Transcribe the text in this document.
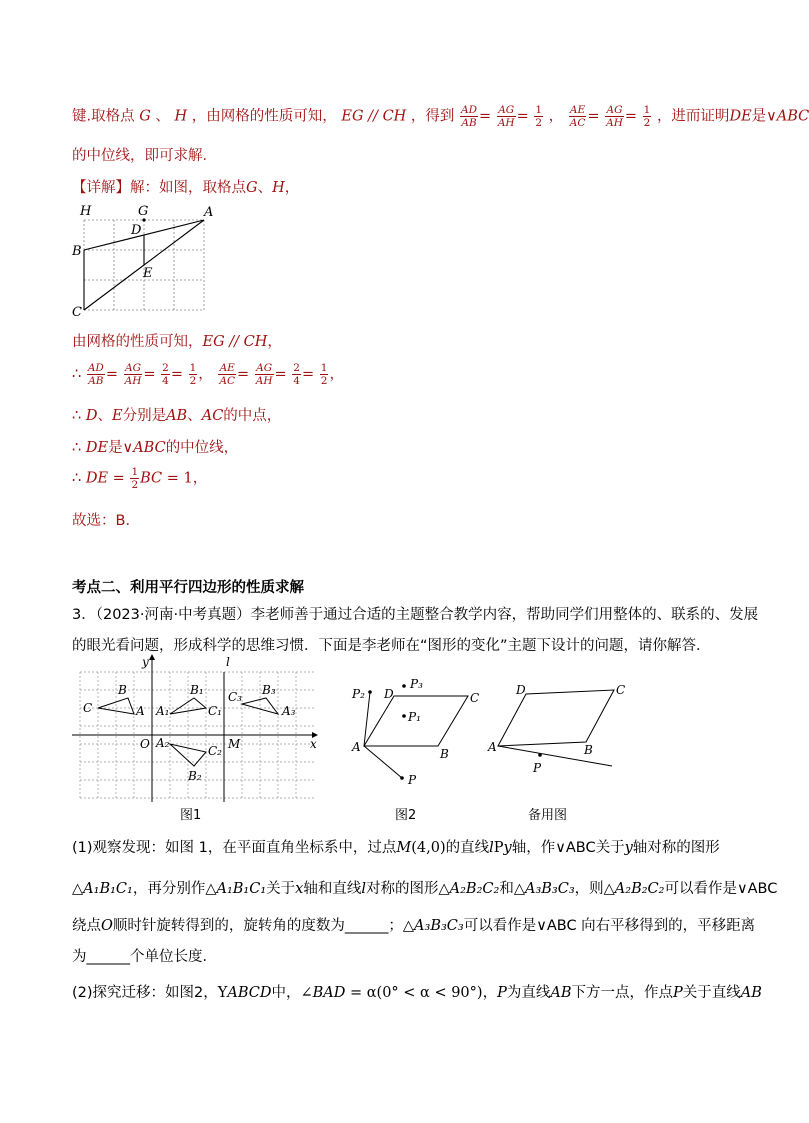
键.取格点 G 、 H ，由网格的性质可知， EG // CH ，得到 $\frac{AD}{AB} = \frac{AG}{AH} = \frac{1}{2}$ ， $\frac{AE}{AC} = \frac{AG}{AH} = \frac{1}{2}$ ，进而证明DE是∨ABC
的中位线，即可求解．
【详解】解：如图，取格点G、H，
H	G	A
B
C
D
E
由网格的性质可知，EG // CH，
∴ $\frac{AD}{AB} = \frac{AG}{AH} = \frac{2}{4} = \frac{1}{2}$ ， $\frac{AE}{AC} = \frac{AG}{AH} = \frac{2}{4} = \frac{1}{2}$ ，
∴ D、E分别是AB、AC的中点，
∴ DE是∨ABC的中位线，
∴ DE = $\frac{1}{2}$ BC = 1，
故选：B．
考点二、利用平行四边形的性质求解
3．（2023·河南·中考真题）李老师善于通过合适的主题整合教学内容，帮助同学们用整体的、联系的、发展
的眼光看问题，形成科学的思维习惯．下面是李老师在“图形的变化”主题下设计的问题，请你解答．
C
B
A A₁
B₁
C₁
C₃ B₃
A₃
A₂
C₂
B₂
O	M	x
y	l
P₂
P₃
D	C
P₁
A	B
P
A	B
C
D
P
图1	图2	备用图
(1)观察发现：如图 1，在平面直角坐标系中，过点M(4,0)的直线lPy轴，作∨ABC关于y轴对称的图形
△A₁B₁C₁，再分别作△A₁B₁C₁关于x轴和直线l对称的图形△A₂B₂C₂和△A₃B₃C₃，则△A₂B₂C₂可以看作是∨ABC
绕点O顺时针旋转得到的，旋转角的度数为______；△A₃B₃C₃可以看作是∨ABC 向右平移得到的，平移距离
为______个单位长度．
(2)探究迁移：如图2，YABCD中，∠BAD = α(0° < α < 90°)，P为直线AB下方一点，作点P关于直线AB
